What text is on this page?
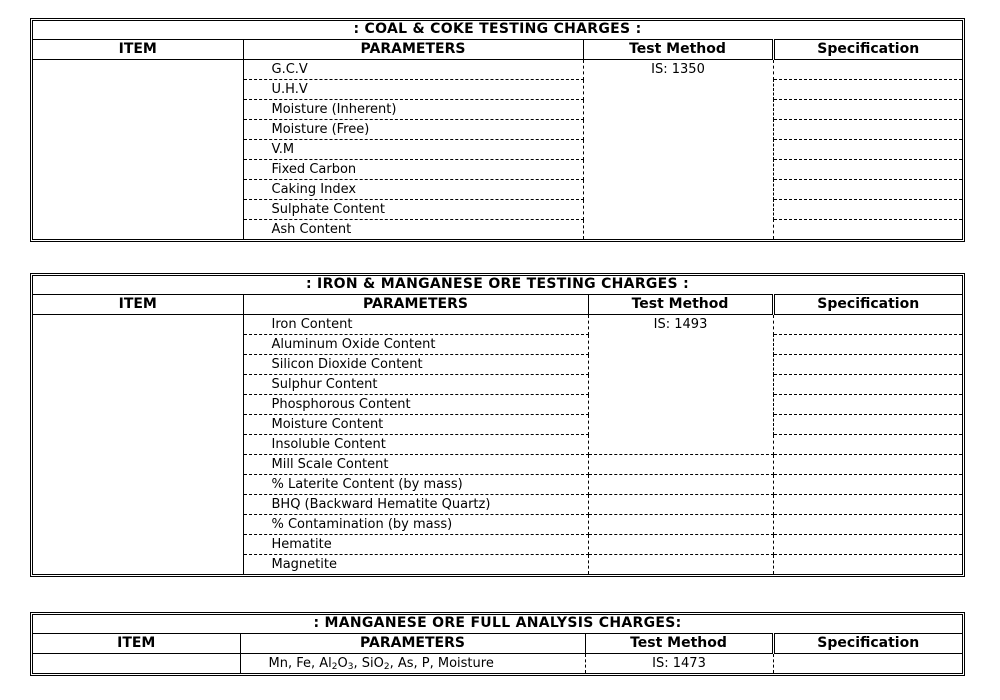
: COAL & COKE TESTING CHARGES :			
ITEM	PARAMETERS	Test Method	Specification
	G.C.V	IS: 1350	
	U.H.V		
	Moisture (Inherent)		
	Moisture (Free)		
	V.M		
	Fixed Carbon		
	Caking Index		
	Sulphate Content		
	Ash Content		
: IRON & MANGANESE ORE TESTING CHARGES :			
ITEM	PARAMETERS	Test Method	Specification
	Iron Content	IS: 1493	
	Aluminum Oxide Content		
	Silicon Dioxide Content		
	Sulphur Content		
	Phosphorous Content		
	Moisture Content		
	Insoluble Content		
	Mill Scale Content		
	% Laterite Content (by mass)		
	BHQ (Backward Hematite Quartz)		
	% Contamination (by mass)		
	Hematite		
	Magnetite		
: MANGANESE ORE FULL ANALYSIS CHARGES:			
ITEM	PARAMETERS	Test Method	Specification
	Mn, Fe, $Al_2O_3$, SiO$_2$, As, P, Moisture	IS: 1473	
